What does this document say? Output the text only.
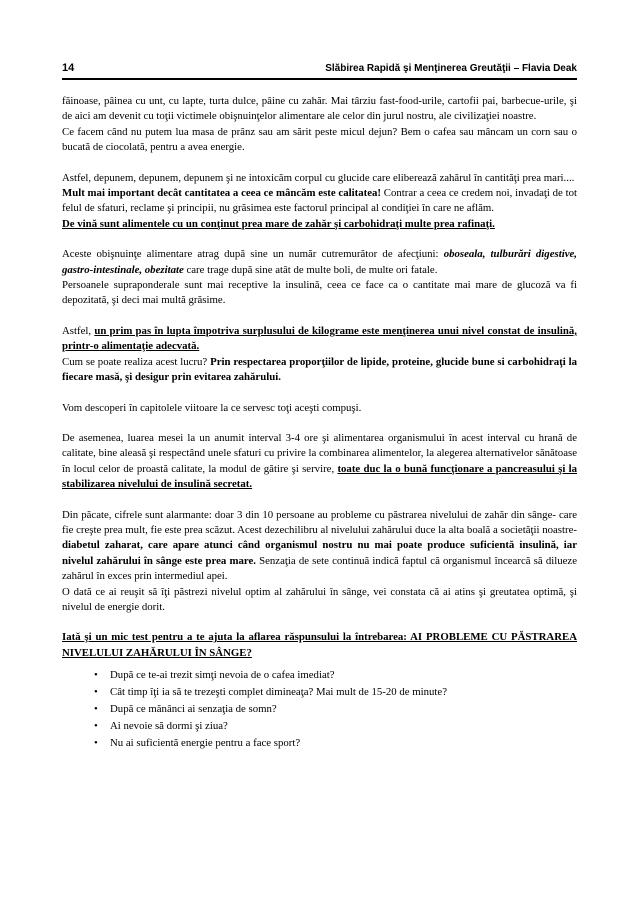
14	Slăbirea Rapidă şi Menţinerea Greutăţii – Flavia Deak

făinoase, pâinea cu unt, cu lapte, turta dulce, pâine cu zahăr. Mai târziu fast-food-urile, cartofii pai, barbecue-urile, şi de aici am devenit cu toţii victimele obişnuinţelor alimentare ale celor din jurul nostru, ale civilizaţiei noastre.

Ce facem când nu putem lua masa de prânz sau am sărit peste micul dejun? Bem o cafea sau mâncam un corn sau o bucată de ciocolată, pentru a avea energie.

Astfel, depunem, depunem, depunem şi ne intoxicăm corpul cu glucide care eliberează zahărul în cantităţi prea mari....

Mult mai important decât cantitatea a ceea ce mâncăm este calitatea! Contrar a ceea ce credem noi, invadaţi de tot felul de sfaturi, reclame şi principii, nu grăsimea este factorul principal al condiţiei în care ne aflăm.

De vină sunt alimentele cu un conţinut prea mare de zahăr şi carbohidraţi multe prea rafinaţi.

Aceste obişnuinţe alimentare atrag după sine un număr cutremurător de afecţiuni: oboseala, tulburări digestive, gastro-intestinale, obezitate care trage după sine atât de multe boli, de multe ori fatale.

Persoanele supraponderale sunt mai receptive la insulină, ceea ce face ca o cantitate mai mare de glucoză va fi depozitată, şi deci mai multă grăsime.

Astfel, un prim pas în lupta împotriva surplusului de kilograme este menţinerea unui nivel constat de insulină, printr-o alimentaţie adecvată.

Cum se poate realiza acest lucru? Prin respectarea proporţiilor de lipide, proteine, glucide bune si carbohidraţi la fiecare masă, şi desigur prin evitarea zahărului.

Vom descoperi în capitolele viitoare la ce servesc toţi aceşti compuşi.

De asemenea, luarea mesei la un anumit interval 3-4 ore şi alimentarea organismului în acest interval cu hrană de calitate, bine aleasă şi respectând unele sfaturi cu privire la combinarea alimentelor, la alegerea alternativelor sănătoase în locul celor de proastă calitate, la modul de gătire şi servire, toate duc la o bună funcţionare a pancreasului şi la stabilizarea nivelului de insulină secretat.

Din păcate, cifrele sunt alarmante: doar 3 din 10 persoane au probleme cu păstrarea nivelului de zahăr din sânge- care fie creşte prea mult, fie este prea scăzut. Acest dezechilibru al nivelului zahărului duce la alta boală a societăţii noastre- diabetul zaharat, care apare atunci când organismul nostru nu mai poate produce suficientă insulină, iar nivelul zahărului în sânge este prea mare. Senzaţia de sete continuă indică faptul că organismul încearcă să dilueze zahărul în exces prin intermediul apei.

O dată ce ai reuşit să îţi păstrezi nivelul optim al zahărului în sânge, vei constata că ai atins şi greutatea optimă, şi nivelul de energie dorit.

Iată şi un mic test pentru a te ajuta la aflarea răspunsului la întrebarea: AI PROBLEME CU PĂSTRAREA NIVELULUI ZAHĂRULUI ÎN SÂNGE?

• După ce te-ai trezit simţi nevoia de o cafea imediat?
• Cât timp îţi ia să te trezeşti complet dimineaţa? Mai mult de 15-20 de minute?
• După ce mănânci ai senzaţia de somn?
• Ai nevoie să dormi şi ziua?
• Nu ai suficientă energie pentru a face sport?
